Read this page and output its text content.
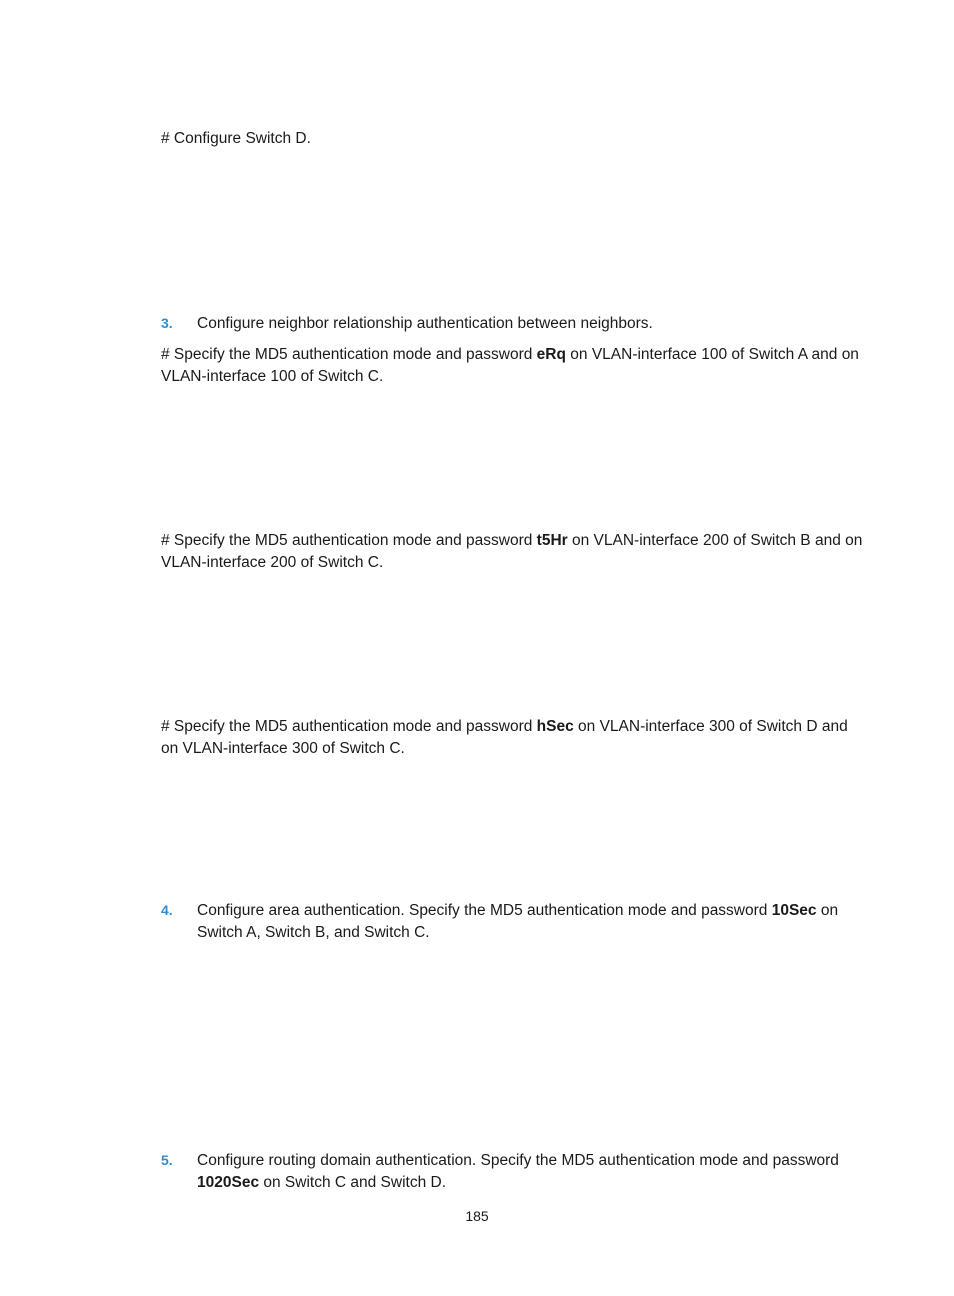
# Configure Switch D.

3. Configure neighbor relationship authentication between neighbors.

# Specify the MD5 authentication mode and password eRq on VLAN-interface 100 of Switch A and on VLAN-interface 100 of Switch C.

# Specify the MD5 authentication mode and password t5Hr on VLAN-interface 200 of Switch B and on VLAN-interface 200 of Switch C.

# Specify the MD5 authentication mode and password hSec on VLAN-interface 300 of Switch D and on VLAN-interface 300 of Switch C.

4. Configure area authentication. Specify the MD5 authentication mode and password 10Sec on Switch A, Switch B, and Switch C.
5. Configure routing domain authentication. Specify the MD5 authentication mode and password 1020Sec on Switch C and Switch D.
185
